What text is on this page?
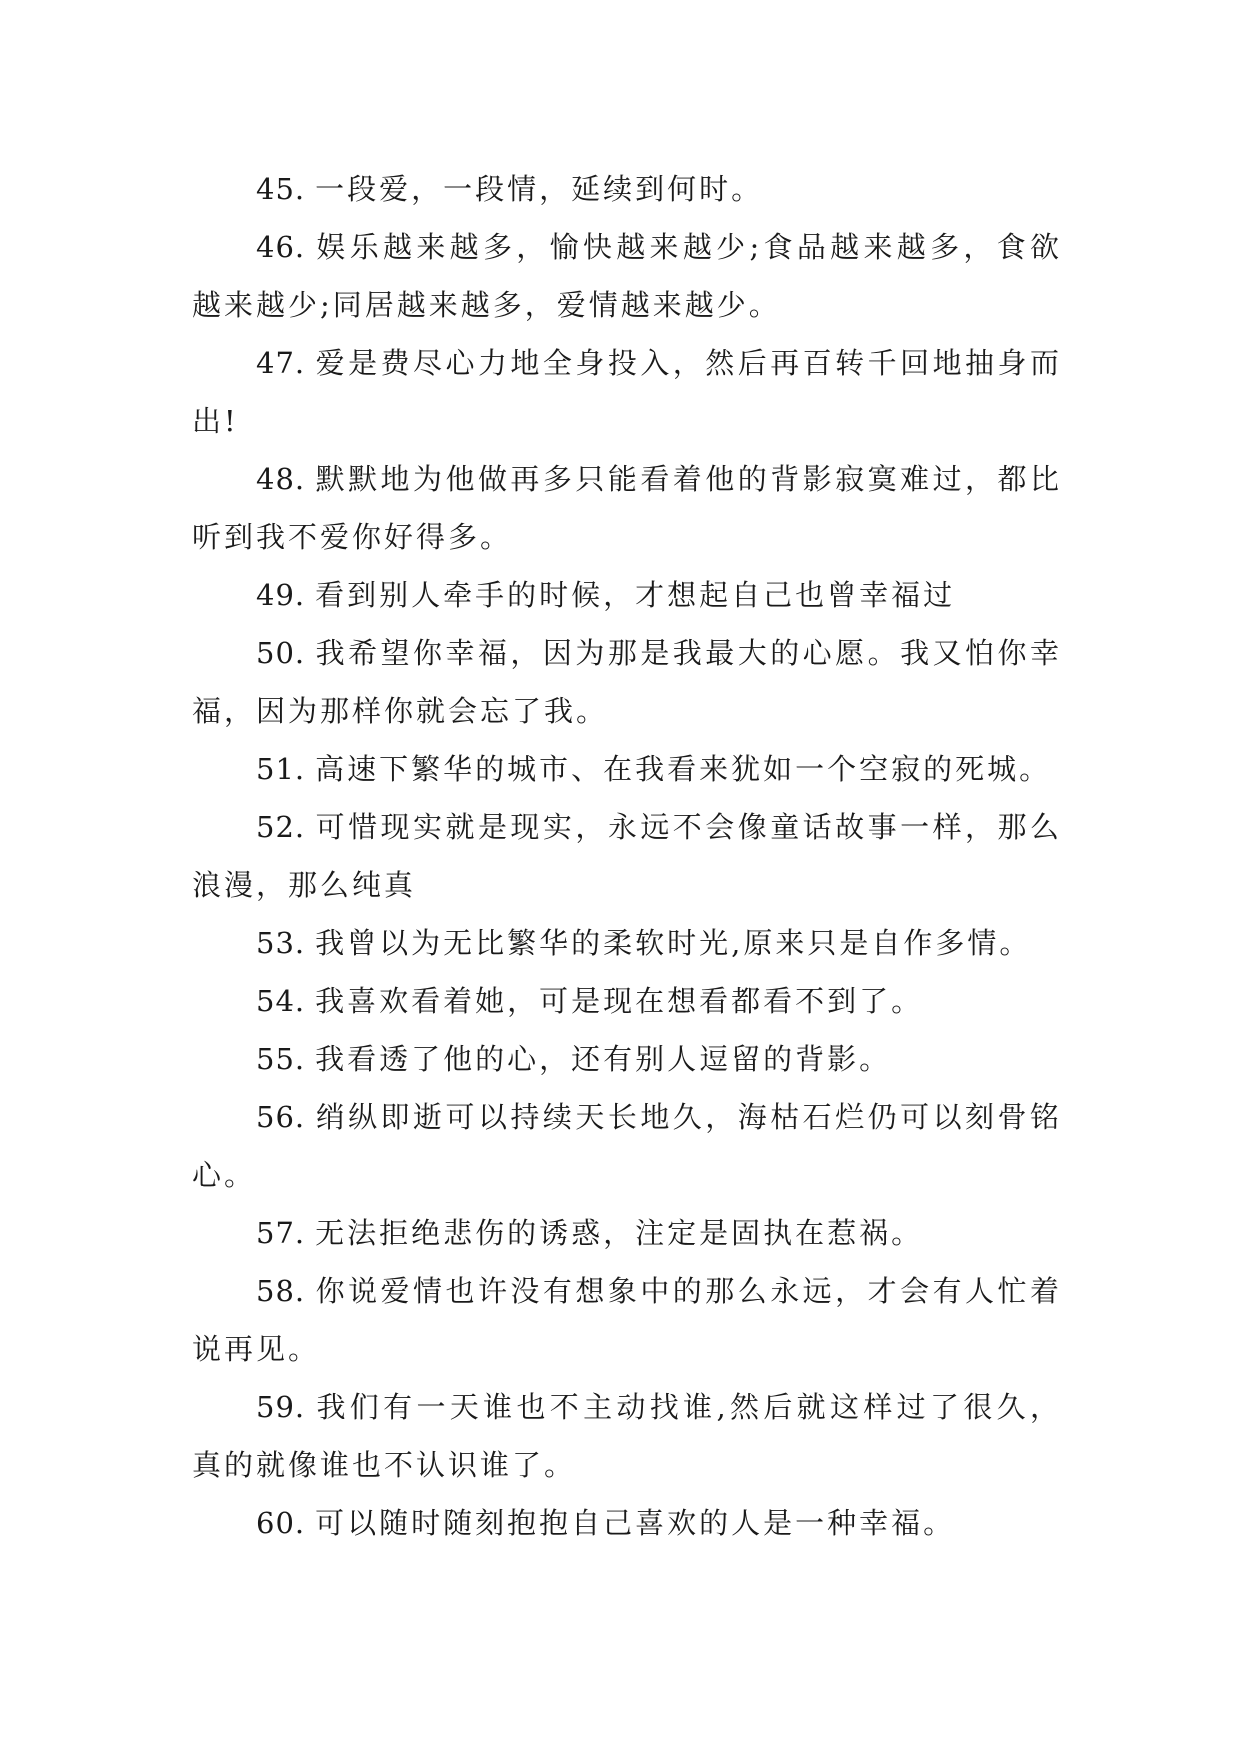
45. 一段爱，一段情，延续到何时。

46. 娱乐越来越多，愉快越来越少;食品越来越多，食欲越来越少;同居越来越多，爱情越来越少。

47. 爱是费尽心力地全身投入，然后再百转千回地抽身而出!

48. 默默地为他做再多只能看着他的背影寂寞难过，都比听到我不爱你好得多。

49. 看到别人牵手的时候，才想起自己也曾幸福过

50. 我希望你幸福，因为那是我最大的心愿。我又怕你幸福，因为那样你就会忘了我。

51. 高速下繁华的城市、在我看来犹如一个空寂的死城。

52. 可惜现实就是现实，永远不会像童话故事一样，那么浪漫，那么纯真

53. 我曾以为无比繁华的柔软时光,原来只是自作多情。

54. 我喜欢看着她，可是现在想看都看不到了。

55. 我看透了他的心，还有别人逗留的背影。

56. 绡纵即逝可以持续天长地久，海枯石烂仍可以刻骨铭心。

57. 无法拒绝悲伤的诱惑，注定是固执在惹祸。

58. 你说爱情也许没有想象中的那么永远，才会有人忙着说再见。

59. 我们有一天谁也不主动找谁,然后就这样过了很久，真的就像谁也不认识谁了。

60. 可以随时随刻抱抱自己喜欢的人是一种幸福。
